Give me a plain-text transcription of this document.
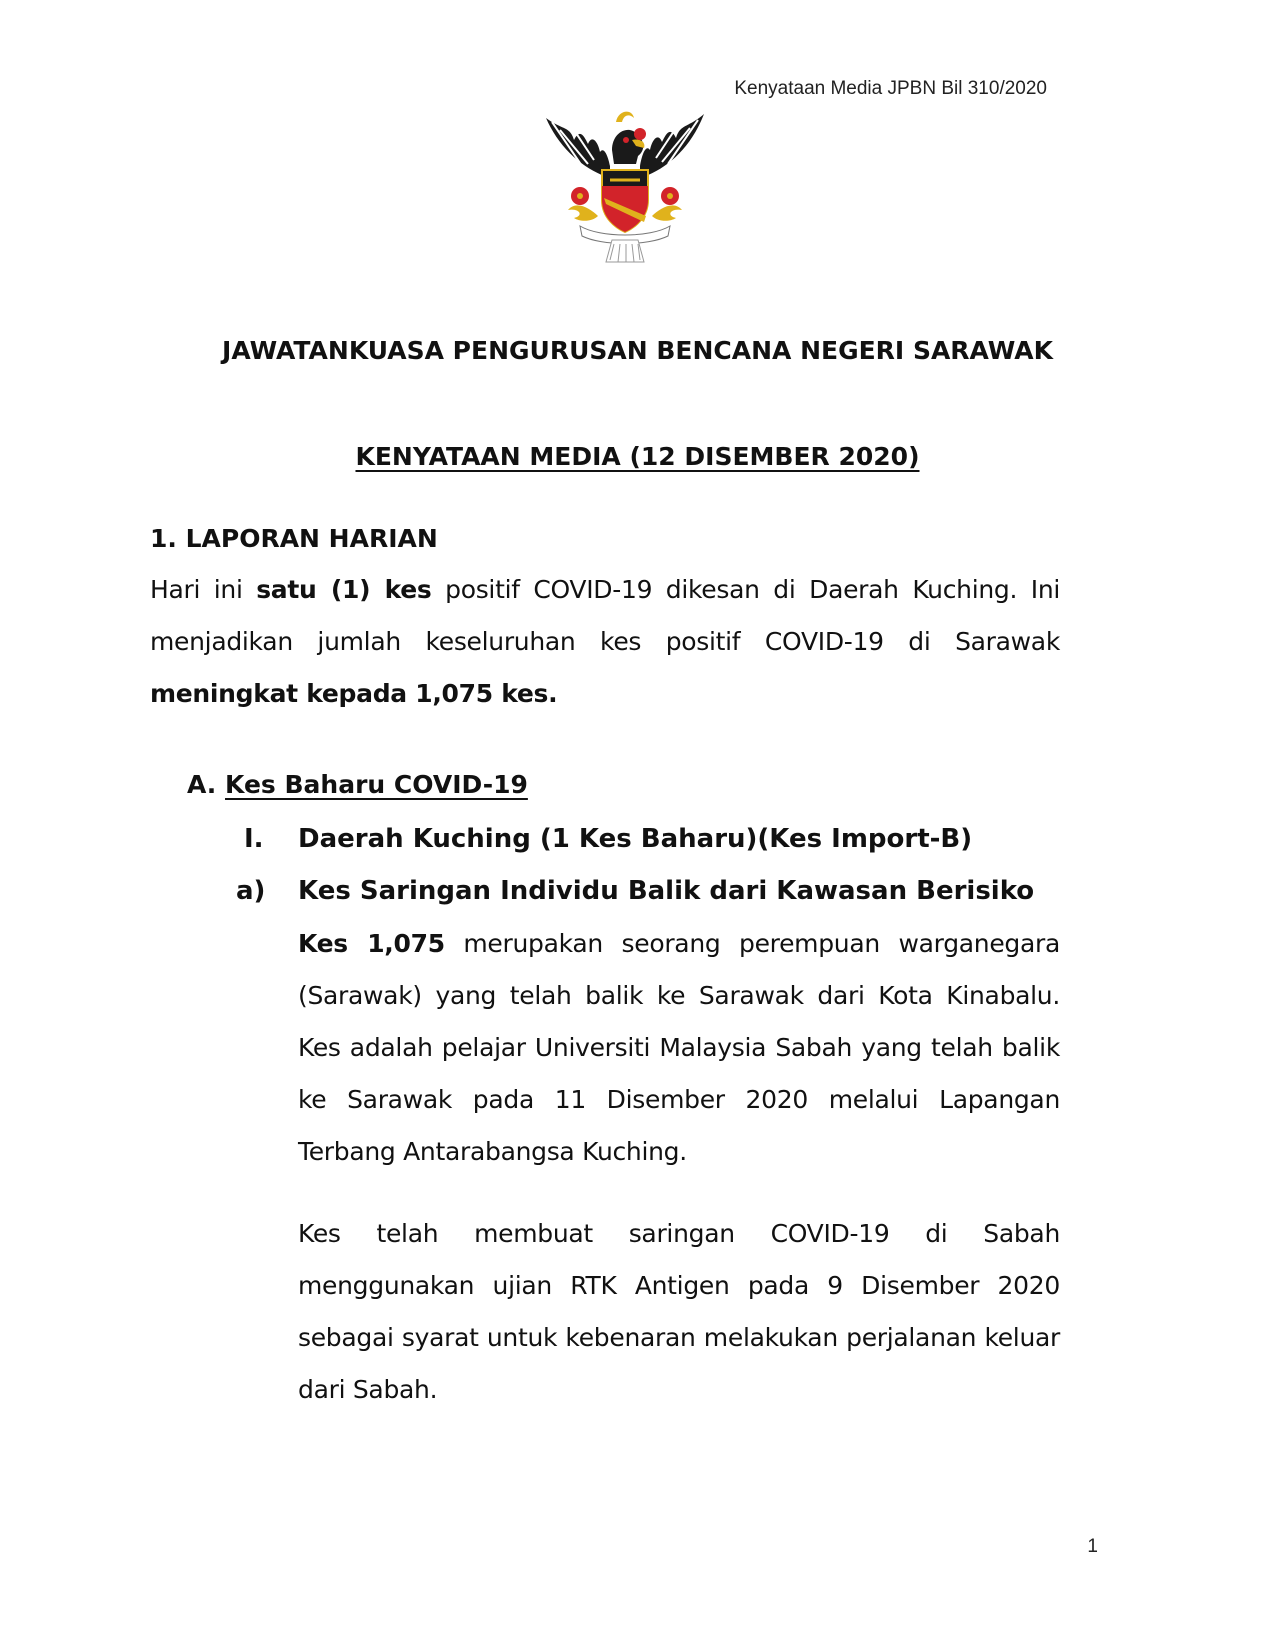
Kenyataan Media JPBN Bil 310/2020
JAWATANKUASA PENGURUSAN BENCANA NEGERI SARAWAK
KENYATAAN MEDIA (12 DISEMBER 2020)
1. LAPORAN HARIAN
Hari ini satu (1) kes positif COVID-19 dikesan di Daerah Kuching. Ini menjadikan jumlah keseluruhan kes positif COVID-19 di Sarawak meningkat kepada 1,075 kes.
A. Kes Baharu COVID-19
I. Daerah Kuching (1 Kes Baharu)(Kes Import-B)
a) Kes Saringan Individu Balik dari Kawasan Berisiko
Kes 1,075 merupakan seorang perempuan warganegara (Sarawak) yang telah balik ke Sarawak dari Kota Kinabalu. Kes adalah pelajar Universiti Malaysia Sabah yang telah balik ke Sarawak pada 11 Disember 2020 melalui Lapangan Terbang Antarabangsa Kuching.
Kes telah membuat saringan COVID-19 di Sabah menggunakan ujian RTK Antigen pada 9 Disember 2020 sebagai syarat untuk kebenaran melakukan perjalanan keluar dari Sabah.
1
